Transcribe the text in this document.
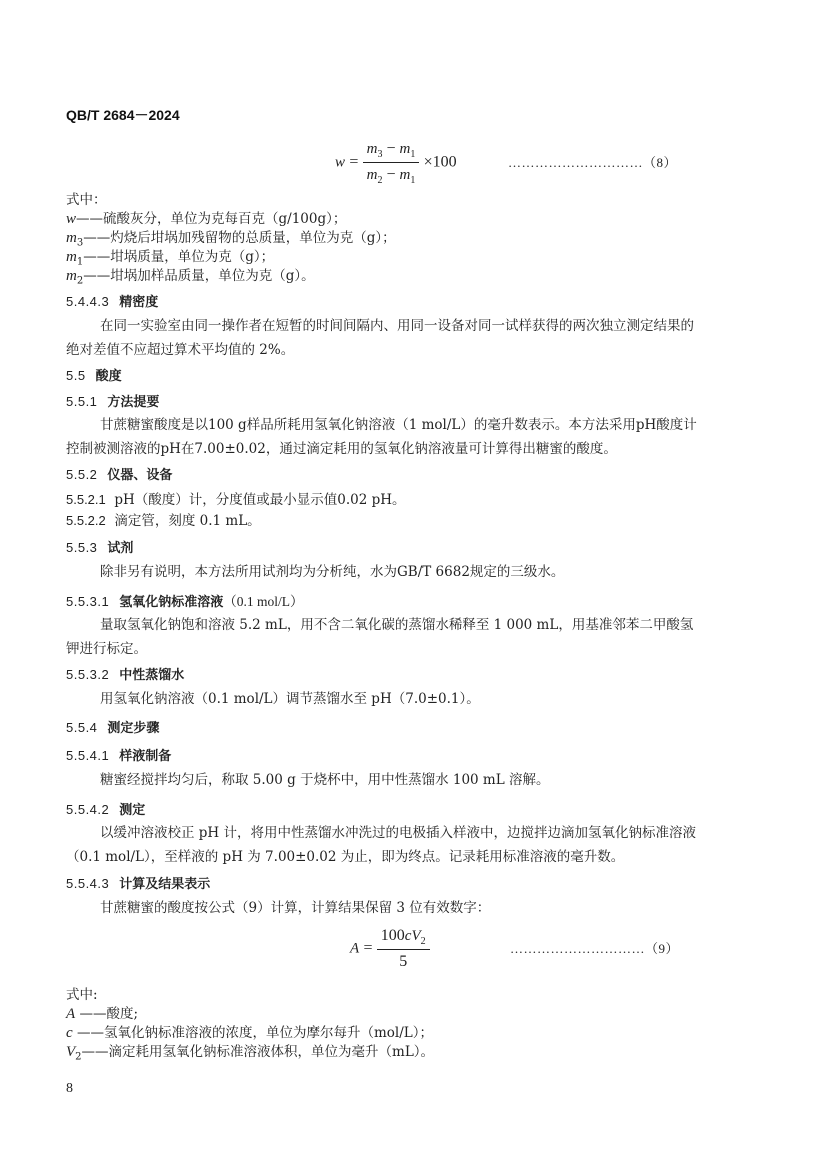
QB/T 2684－2024
$w = \frac{m_3 - m_1}{m_2 - m_1} \times 100$	…………………………（8）
式中：
w——硫酸灰分，单位为克每百克（g/100g）；
$m_3——$灼烧后坩埚加残留物的总质量，单位为克（g）；
$m_1——$坩埚质量，单位为克（g）；
$m_2——$坩埚加样品质量，单位为克（g）。
5.4.4.3 精密度
在同一实验室由同一操作者在短暂的时间间隔内、用同一设备对同一试样获得的两次独立测定结果的绝对差值不应超过算术平均值的 2%。
5.5 酸度
5.5.1 方法提要
甘蔗糖蜜酸度是以100 g样品所耗用氢氧化钠溶液（1 mol/L）的毫升数表示。本方法采用pH酸度计控制被测溶液的pH在7.00±0.02，通过滴定耗用的氢氧化钠溶液量可计算得出糖蜜的酸度。
5.5.2 仪器、设备
5.5.2.1 pH（酸度）计，分度值或最小显示值0.02 pH。
5.5.2.2 滴定管，刻度 0.1 mL。
5.5.3 试剂
除非另有说明，本方法所用试剂均为分析纯，水为GB/T 6682规定的三级水。
5.5.3.1 氢氧化钠标准溶液（0.1 mol/L）
量取氢氧化钠饱和溶液 5.2 mL，用不含二氧化碳的蒸馏水稀释至 1 000 mL，用基准邻苯二甲酸氢钾进行标定。
5.5.3.2 中性蒸馏水
用氢氧化钠溶液（0.1 mol/L）调节蒸馏水至 pH（7.0±0.1）。
5.5.4 测定步骤
5.5.4.1 样液制备
糖蜜经搅拌均匀后，称取 5.00 g 于烧杯中，用中性蒸馏水 100 mL 溶解。
5.5.4.2 测定
以缓冲溶液校正 pH 计，将用中性蒸馏水冲洗过的电极插入样液中，边搅拌边滴加氢氧化钠标准溶液（0.1 mol/L），至样液的 pH 为 7.00±0.02 为止，即为终点。记录耗用标准溶液的毫升数。
5.5.4.3 计算及结果表示
甘蔗糖蜜的酸度按公式（9）计算，计算结果保留 3 位有效数字：
$A = \frac{100cV_2}{5}$	…………………………（9）
式中:
A ——酸度;
c ——氢氧化钠标准溶液的浓度，单位为摩尔每升（mol/L）；
$V_2——$滴定耗用氢氧化钠标准溶液体积，单位为毫升（mL）。
8
